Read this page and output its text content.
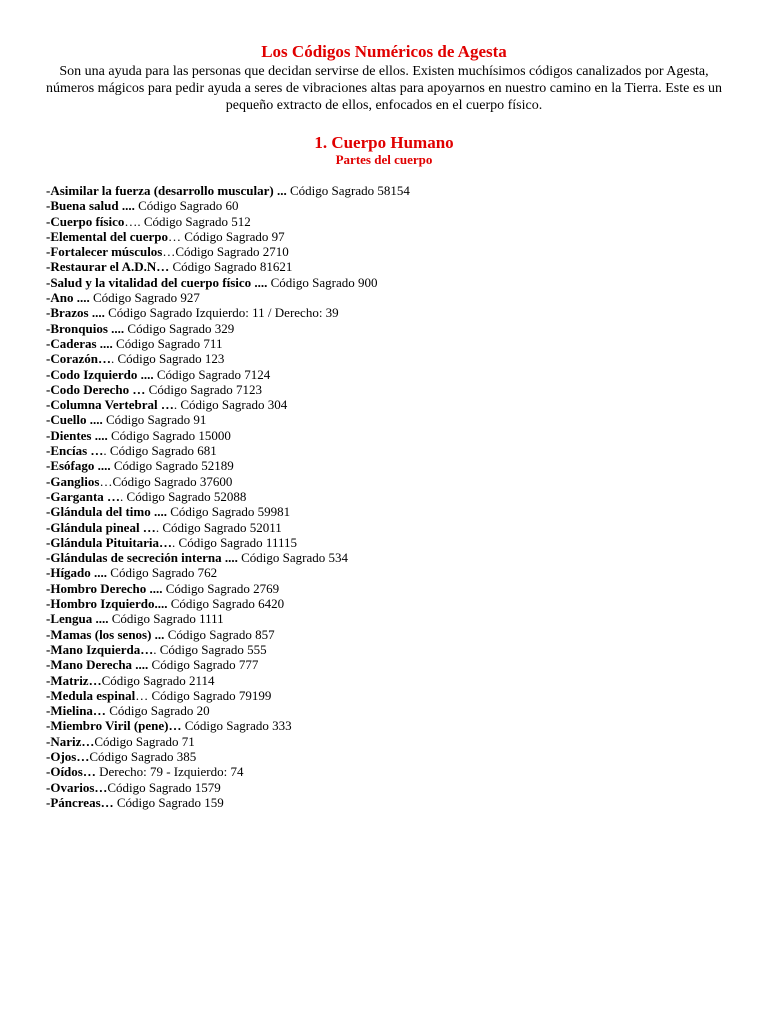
Los Códigos Numéricos de Agesta
Son una ayuda para las personas que decidan servirse de ellos. Existen muchísimos códigos canalizados por Agesta, números mágicos para pedir ayuda a seres de vibraciones altas para apoyarnos en nuestro camino en la Tierra. Este es un pequeño extracto de ellos, enfocados en el cuerpo físico.
1. Cuerpo Humano
Partes del cuerpo
-Asimilar la fuerza (desarrollo muscular) ... Código Sagrado 58154
-Buena salud .... Código Sagrado 60
-Cuerpo físico…. Código Sagrado 512
-Elemental del cuerpo… Código Sagrado 97
-Fortalecer músculos…Código Sagrado 2710
-Restaurar el A.D.N… Código Sagrado 81621
-Salud y la vitalidad del cuerpo físico .... Código Sagrado 900
-Ano .... Código Sagrado 927
-Brazos .... Código Sagrado Izquierdo: 11 / Derecho: 39
-Bronquios .... Código Sagrado 329
-Caderas .... Código Sagrado 711
-Corazón…. Código Sagrado 123
-Codo Izquierdo .... Código Sagrado 7124
-Codo Derecho … Código Sagrado 7123
-Columna Vertebral …. Código Sagrado 304
-Cuello .... Código Sagrado 91
-Dientes .... Código Sagrado 15000
-Encías …. Código Sagrado 681
-Esófago .... Código Sagrado 52189
-Ganglios…Código Sagrado 37600
-Garganta …. Código Sagrado 52088
-Glándula del timo .... Código Sagrado 59981
-Glándula pineal …. Código Sagrado 52011
-Glándula Pituitaria…. Código Sagrado 11115
-Glándulas de secreción interna .... Código Sagrado 534
-Hígado .... Código Sagrado 762
-Hombro Derecho .... Código Sagrado 2769
-Hombro Izquierdo.... Código Sagrado 6420
-Lengua .... Código Sagrado 1111
-Mamas (los senos) ... Código Sagrado 857
-Mano Izquierda…. Código Sagrado 555
-Mano Derecha .... Código Sagrado 777
-Matriz…Código Sagrado 2114
-Medula espinal… Código Sagrado 79199
-Mielina… Código Sagrado 20
-Miembro Viril (pene)… Código Sagrado 333
-Nariz…Código Sagrado 71
-Ojos…Código Sagrado 385
-Oídos… Derecho: 79 - Izquierdo: 74
-Ovarios…Código Sagrado 1579
-Páncreas… Código Sagrado 159
